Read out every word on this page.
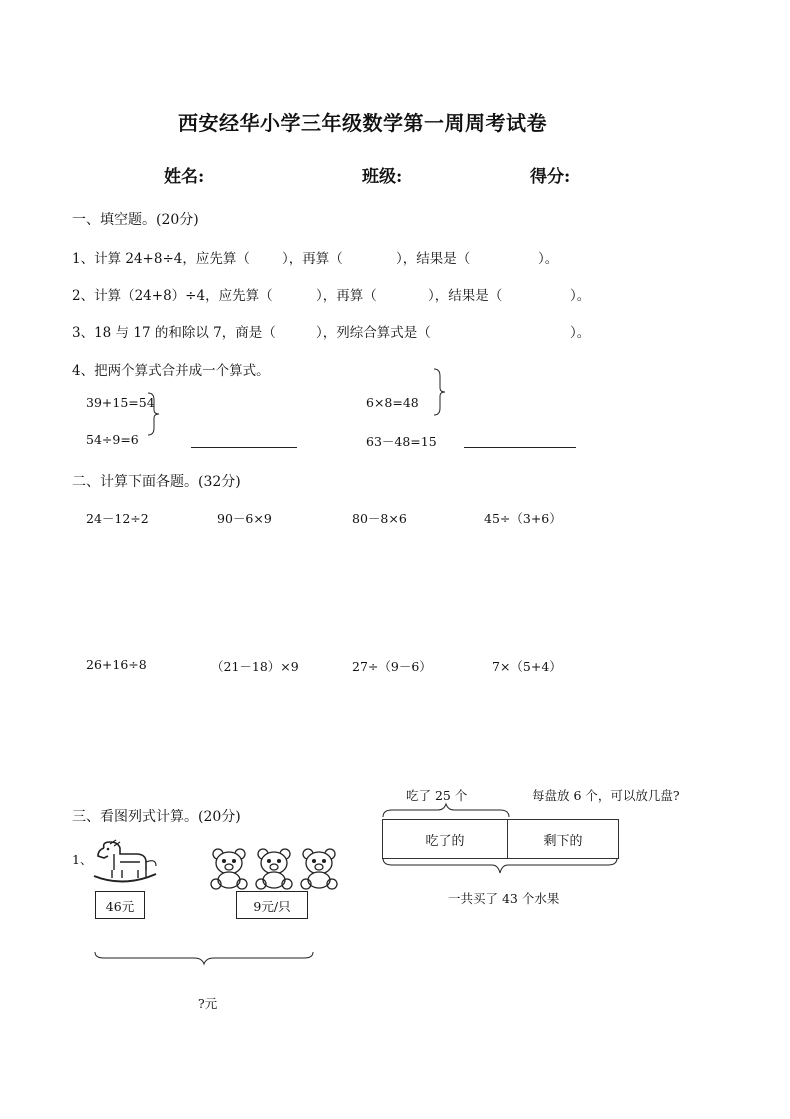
西安经华小学三年级数学第一周周考试卷
姓名:	班级:	得分:
一、填空题。(20分)
1、计算 24+8÷4，应先算（ ），再算（	），结果是（	）。
2、计算（24+8）÷4，应先算（	），再算（	），结果是（	）。
3、18 与 17 的和除以 7，商是（	），列综合算式是（	）。
4、把两个算式合并成一个算式。
39+15=54
54÷9=6
6×8=48
63－48=15
二、计算下面各题。(32分)
24－12÷2	90－6×9	80－8×6	45÷（3+6）
26+16÷8	（21－18）×9	27÷（9－6）	7×（5+4）
三、看图列式计算。(20分)
1、
46元	9元/只
?元
吃了 25 个	每盘放 6 个，可以放几盘?
吃了的	剩下的
一共买了 43 个水果
